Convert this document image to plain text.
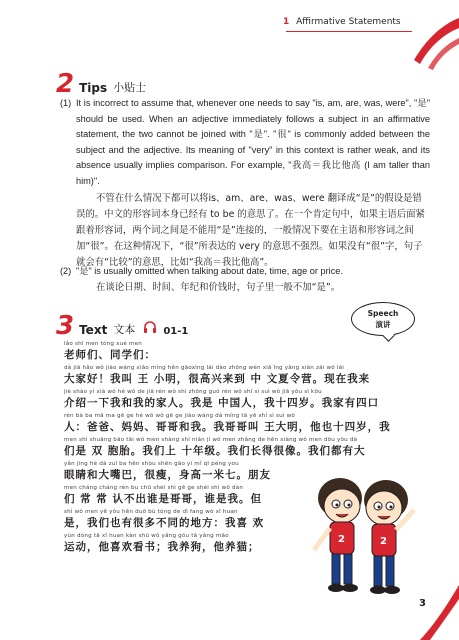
1 Affirmative Statements
2 Tips 小贴士
(1) It is incorrect to assume that, whenever one needs to say "is, am, are, was, were", "是" should be used. When an adjective immediately follows a subject in an affirmative statement, the two cannot be joined with "是". "很" is commonly added between the subject and the adjective. Its meaning of "very" in this context is rather weak, and its absence usually implies comparison. For example, "我高＝我比他高 (I am taller than him)".
不管在什么情况下都可以将is、am、are、was、were 翻译成“是”的假设是错误的。中文的形容词本身已经有 to be 的意思了。在一个肯定句中，如果主语后面紧跟着形容词，两个词之间是不能用“是”连接的，一般情况下要在主语和形容词之间加“很”。在这种情况下，“很”所表达的 very 的意思不强烈。如果没有“很”字，句子就会有“比较”的意思，比如“我高＝我比他高”。
(2) "是" is usually omitted when talking about date, time, age or price.
在谈论日期、时间、年纪和价钱时，句子里一般不加“是”。
3 Text 文本	01-1
Speech
演讲
lǎo shī men tóng xué men
老师们、同学们：
dà jiā hǎo wǒ jiào wáng xiǎo míng hěn gāoxìng lái dào zhōng wén xiǎ ǐng yǎng xiàn zài wǒ lái
大家好！我叫 王 小明，很高兴来到 中 文夏令营。现在我来
jiè shào yí xià wǒ hé wǒ de jiā rén wǒ shì zhōng guó rén wǒ shí sì suì wǒ jiā yǒu sì kǒu
介绍一下我和我的家人。我是 中国人，我十四岁。我家有四口
rén bà ba mā ma gē ge hé wǒ wǒ gē ge jiào wáng dà míng tā yě shí sì suì wǒ
人：爸爸、妈妈、哥哥和我。我哥哥叫 王大明，他也十四岁，我
men shì shuāng bāo tāi wǒ men shàng shí nián jí wǒ men zhǎng de hěn xiàng wǒ men dōu yǒu dà
们是 双 胞胎。我们上 十年级。我们长得很像。我们都有大
yǎn jing hé dà zuǐ ba hěn shòu shēn gāo yì mǐ qī péng you
眼睛和大嘴巴，很瘦，身高一米七。朋友
men cháng cháng rèn bu chū shéi shì gē ge shéi shì wǒ dàn
们 常 常 认不出谁是哥哥，谁是我。但
shì wǒ men yě yǒu hěn duō bù tóng de dì fang wǒ xǐ huan
是，我们也有很多不同的地方：我喜 欢
yùn dòng tā xǐ huan kàn shū wǒ yǎng gǒu tā yǎng māo
运动，他喜欢看书；我养狗，他养猫；
2	2
3
